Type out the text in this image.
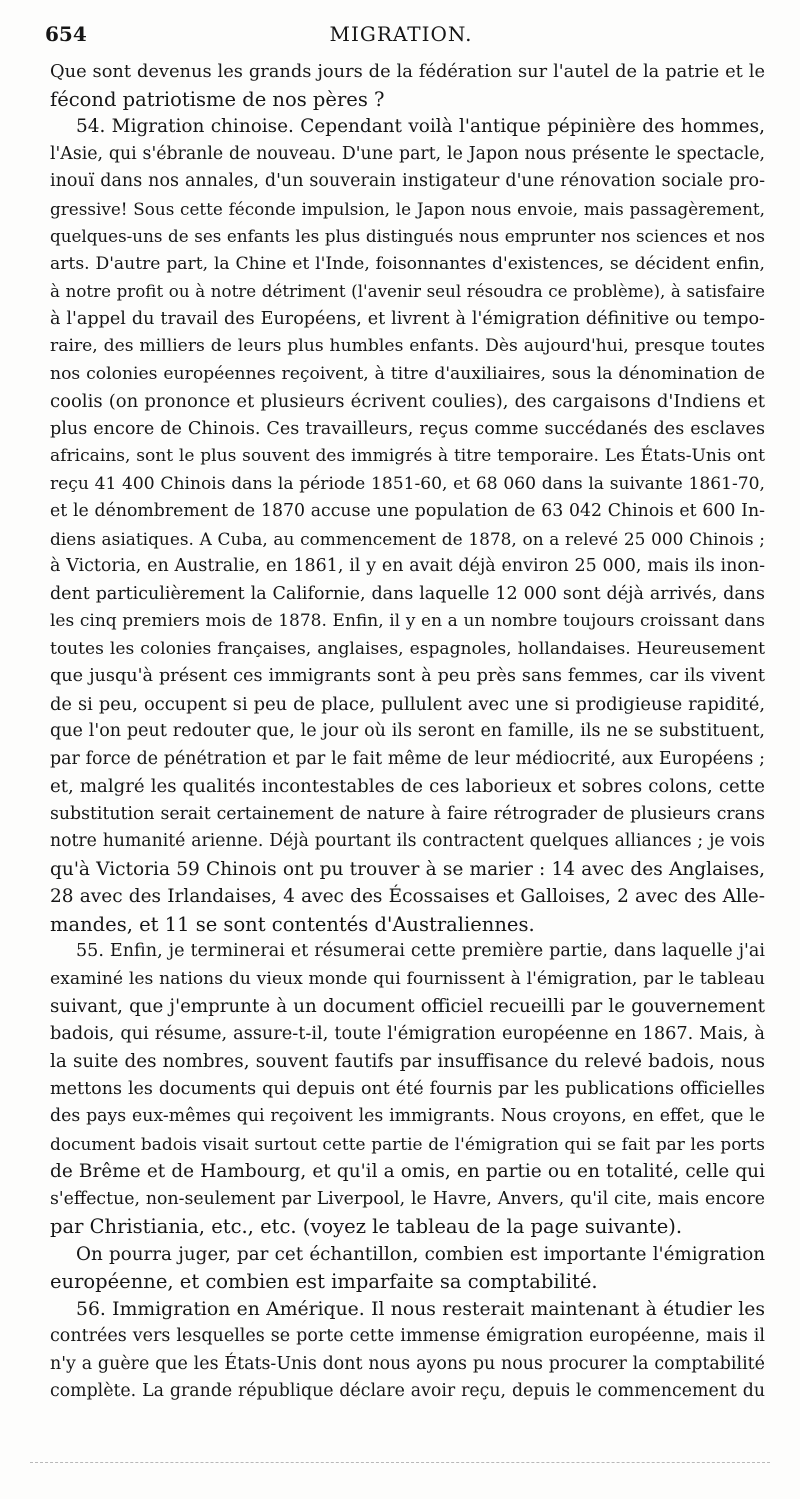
654	MIGRATION.
Que sont devenus les grands jours de la fédération sur l'autel de la patrie et le
fécond patriotisme de nos pères ?
54. Migration chinoise. Cependant voilà l'antique pépinière des hommes,
l'Asie, qui s'ébranle de nouveau. D'une part, le Japon nous présente le spectacle,
inouï dans nos annales, d'un souverain instigateur d'une rénovation sociale pro-
gressive! Sous cette féconde impulsion, le Japon nous envoie, mais passagèrement,
quelques-uns de ses enfants les plus distingués nous emprunter nos sciences et nos
arts. D'autre part, la Chine et l'Inde, foisonnantes d'existences, se décident enfin,
à notre profit ou à notre détriment (l'avenir seul résoudra ce problème), à satisfaire
à l'appel du travail des Européens, et livrent à l'émigration définitive ou tempo-
raire, des milliers de leurs plus humbles enfants. Dès aujourd'hui, presque toutes
nos colonies européennes reçoivent, à titre d'auxiliaires, sous la dénomination de
coolis (on prononce et plusieurs écrivent coulies), des cargaisons d'Indiens et
plus encore de Chinois. Ces travailleurs, reçus comme succédanés des esclaves
africains, sont le plus souvent des immigrés à titre temporaire. Les États-Unis ont
reçu 41 400 Chinois dans la période 1851-60, et 68 060 dans la suivante 1861-70,
et le dénombrement de 1870 accuse une population de 63 042 Chinois et 600 In-
diens asiatiques. A Cuba, au commencement de 1878, on a relevé 25 000 Chinois ;
à Victoria, en Australie, en 1861, il y en avait déjà environ 25 000, mais ils inon-
dent particulièrement la Californie, dans laquelle 12 000 sont déjà arrivés, dans
les cinq premiers mois de 1878. Enfin, il y en a un nombre toujours croissant dans
toutes les colonies françaises, anglaises, espagnoles, hollandaises. Heureusement
que jusqu'à présent ces immigrants sont à peu près sans femmes, car ils vivent
de si peu, occupent si peu de place, pullulent avec une si prodigieuse rapidité,
que l'on peut redouter que, le jour où ils seront en famille, ils ne se substituent,
par force de pénétration et par le fait même de leur médiocrité, aux Européens ;
et, malgré les qualités incontestables de ces laborieux et sobres colons, cette
substitution serait certainement de nature à faire rétrograder de plusieurs crans
notre humanité arienne. Déjà pourtant ils contractent quelques alliances ; je vois
qu'à Victoria 59 Chinois ont pu trouver à se marier : 14 avec des Anglaises,
28 avec des Irlandaises, 4 avec des Écossaises et Galloises, 2 avec des Alle-
mandes, et 11 se sont contentés d'Australiennes.
55. Enfin, je terminerai et résumerai cette première partie, dans laquelle j'ai
examiné les nations du vieux monde qui fournissent à l'émigration, par le tableau
suivant, que j'emprunte à un document officiel recueilli par le gouvernement
badois, qui résume, assure-t-il, toute l'émigration européenne en 1867. Mais, à
la suite des nombres, souvent fautifs par insuffisance du relevé badois, nous
mettons les documents qui depuis ont été fournis par les publications officielles
des pays eux-mêmes qui reçoivent les immigrants. Nous croyons, en effet, que le
document badois visait surtout cette partie de l'émigration qui se fait par les ports
de Brême et de Hambourg, et qu'il a omis, en partie ou en totalité, celle qui
s'effectue, non-seulement par Liverpool, le Havre, Anvers, qu'il cite, mais encore
par Christiania, etc., etc. (voyez le tableau de la page suivante).
On pourra juger, par cet échantillon, combien est importante l'émigration
européenne, et combien est imparfaite sa comptabilité.
56. Immigration en Amérique. Il nous resterait maintenant à étudier les
contrées vers lesquelles se porte cette immense émigration européenne, mais il
n'y a guère que les États-Unis dont nous ayons pu nous procurer la comptabilité
complète. La grande république déclare avoir reçu, depuis le commencement du
